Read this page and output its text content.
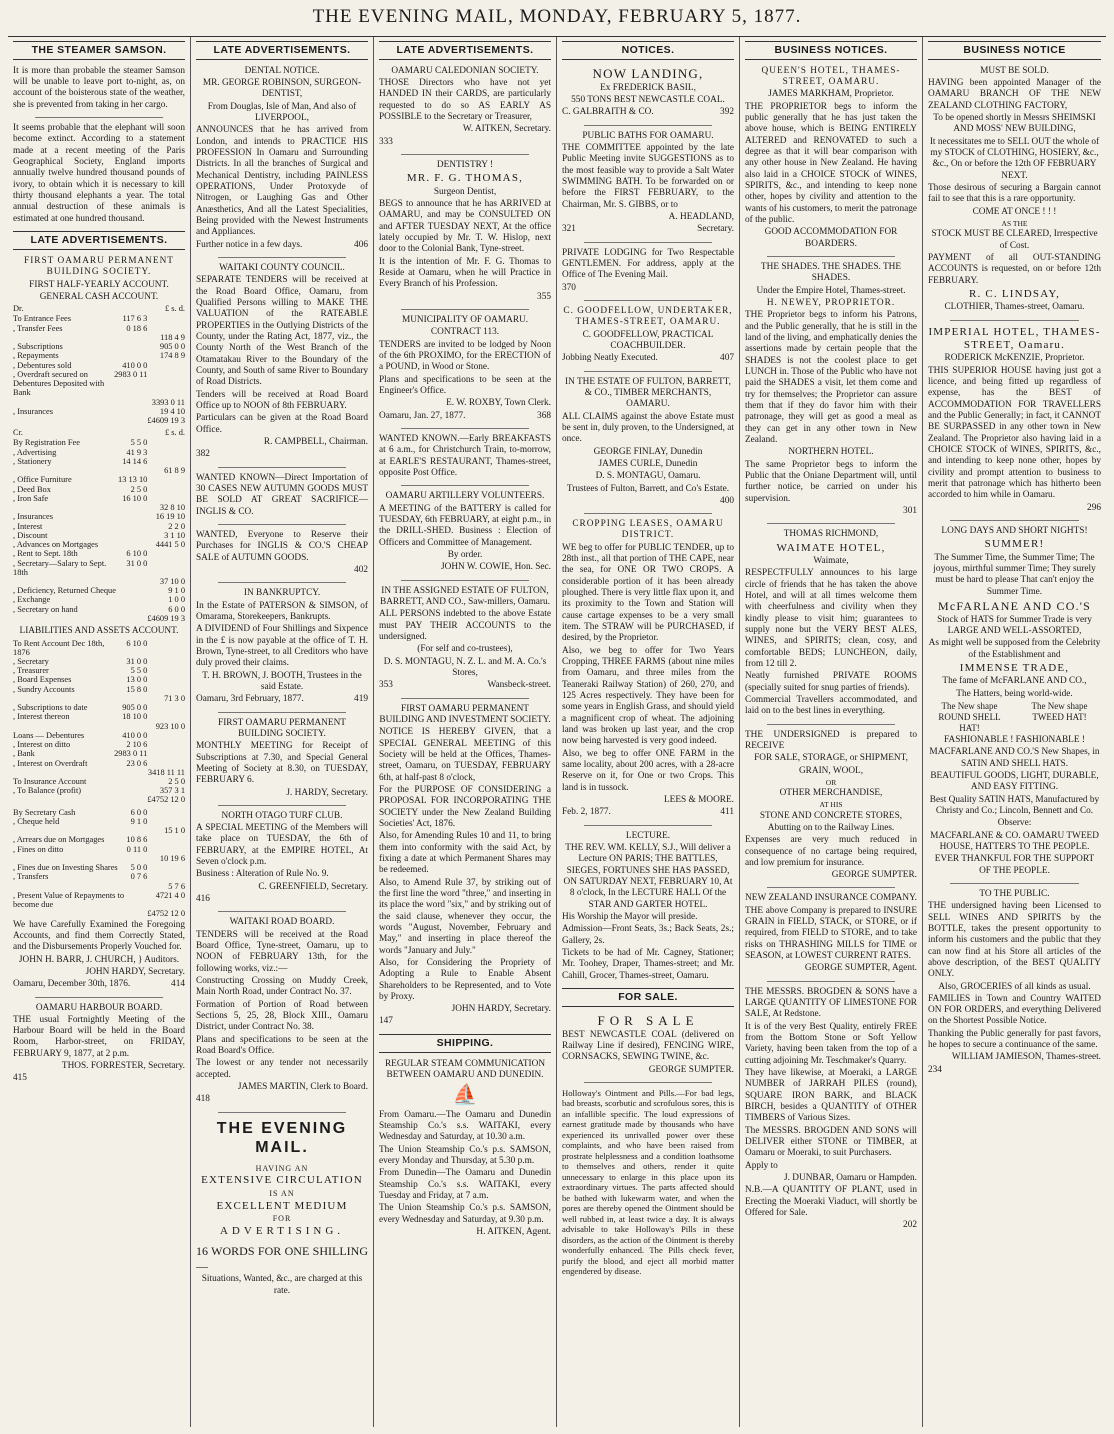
THE EVENING MAIL, MONDAY, FEBRUARY 5, 1877.
THE STEAMER SAMSON.

It is more than probable the steamer Samson will be unable to leave port to-night, as, on account of the boisterous state of the weather, she is prevented from taking in her cargo.

It seems probable that the elephant will soon become extinct. According to a statement made at a recent meeting of the Paris Geographical Society, England imports annually twelve hundred thousand pounds of ivory, to obtain which it is necessary to kill thirty thousand elephants a year. The total annual destruction of these animals is estimated at one hundred thousand.

LATE ADVERTISEMENTS.

FIRST OAMARU PERMANENT BUILDING SOCIETY.

FIRST HALF-YEARLY ACCOUNT.

GENERAL CASH ACCOUNT.

Dr.	£ s. d.
To Entrance Fees	117 6 3	
, Transfer Fees	0 18 6	
		118 4 9
, Subscriptions		905 0 0
, Repayments		174 8 9
, Debentures sold	410 0 0	
, Overdraft secured on Debentures Deposited with Bank	2983 0 11	
		3393 0 11
, Insurances		19 4 10
		£4609 19 3
Cr.	£ s. d.
By Registration Fee	5 5 0	
, Advertising	41 9 3	
, Stationery	14 14 6	
		61 8 9
, Office Furniture	13 13 10	
, Deed Box	2 5 0	
, Iron Safe	16 10 0	
		32 8 10
, Insurances		16 19 10
, Interest		2 2 0
, Discount		3 1 10
, Advances on Mortgages		4441 5 0
, Rent to Sept. 18th	6 10 0	
, Secretary—Salary to Sept. 18th	31 0 0	
		37 10 0
, Deficiency, Returned Cheque		9 1 0
, Exchange		1 0 0
, Secretary on hand		6 0 0
		£4609 19 3

LIABILITIES AND ASSETS ACCOUNT.

To Rent Account Dec 18th, 1876	6 10 0	
, Secretary	31 0 0	
, Treasurer	5 5 0	
, Board Expenses	13 0 0	
, Sundry Accounts	15 8 0	
		71 3 0
, Subscriptions to date	905 0 0	
, Interest thereon	18 10 0	
		923 10 0
Loans — Debentures	410 0 0	
, Interest on ditto	2 10 6	
, Bank	2983 0 11	
, Interest on Overdraft	23 0 6	
		3418 11 11
To Insurance Account		2 5 0
, To Balance (profit)		357 3 1
		£4752 12 0
By Secretary Cash	6 0 0	
, Cheque held	9 1 0	
		15 1 0
, Arrears due on Mortgages	10 8 6	
, Fines on ditto	0 11 0	
		10 19 6
, Fines due on Investing Shares	5 0 0	
, Transfers	0 7 6	
		5 7 6
, Present Value of Repayments to become due		4721 4 0
		£4752 12 0

We have Carefully Examined the Foregoing Accounts, and find them Correctly Stated, and the Disbursements Properly Vouched for.

JOHN H. BARR, J. CHURCH, } Auditors.

JOHN HARDY, Secretary.

Oamaru, December 30th, 1876.	414

OAMARU HARBOUR BOARD.

THE usual Fortnightly Meeting of the Harbour Board will be held in the Board Room, Harbor-street, on FRIDAY, FEBRUARY 9, 1877, at 2 p.m.

THOS. FORRESTER, Secretary.

415

LATE ADVERTISEMENTS.

DENTAL NOTICE.

MR. GEORGE ROBINSON, SURGEON-DENTIST,

From Douglas, Isle of Man, And also of LIVERPOOL,

ANNOUNCES that he has arrived from London, and intends to PRACTICE HIS PROFESSION In Oamaru and Surrounding Districts. In all the branches of Surgical and Mechanical Dentistry, including PAINLESS OPERATIONS, Under Protoxyde of Nitrogen, or Laughing Gas and Other Anæsthetics, And all the Latest Specialities, Being provided with the Newest Instruments and Appliances.

Further notice in a few days.	406

WAITAKI COUNTY COUNCIL.

SEPARATE TENDERS will be received at the Road Board Office, Oamaru, from Qualified Persons willing to MAKE THE VALUATION of the RATEABLE PROPERTIES in the Outlying Districts of the County, under the Rating Act, 1877, viz., the County North of the West Branch of the Otamatakau River to the Boundary of the County, and South of same River to Boundary of Road Districts.

Tenders will be received at Road Board Office up to NOON of 8th FEBRUARY.

Particulars can be given at the Road Board Office.

R. CAMPBELL, Chairman.

382

WANTED KNOWN—Direct Importation of 30 CASES NEW AUTUMN GOODS MUST BE SOLD AT GREAT SACRIFICE—INGLIS & CO.

WANTED, Everyone to Reserve their Purchases for INGLIS & CO.'S CHEAP SALE of AUTUMN GOODS.

402

IN BANKRUPTCY.

In the Estate of PATERSON & SIMSON, of Omarama, Storekeepers, Bankrupts.

A DIVIDEND of Four Shillings and Sixpence in the £ is now payable at the office of T. H. Brown, Tyne-street, to all Creditors who have duly proved their claims.

T. H. BROWN, J. BOOTH, Trustees in the said Estate.

Oamaru, 3rd February, 1877.	419

FIRST OAMARU PERMANENT BUILDING SOCIETY.

MONTHLY MEETING for Receipt of Subscriptions at 7.30, and Special General Meeting of Society at 8.30, on TUESDAY, FEBRUARY 6.

J. HARDY, Secretary.

NORTH OTAGO TURF CLUB.

A SPECIAL MEETING of the Members will take place on TUESDAY, the 6th of FEBRUARY, at the EMPIRE HOTEL, At Seven o'clock p.m.

Business : Alteration of Rule No. 9.

C. GREENFIELD, Secretary.

416

WAITAKI ROAD BOARD.

TENDERS will be received at the Road Board Office, Tyne-street, Oamaru, up to NOON of FEBRUARY 13th, for the following works, viz.:—

Constructing Crossing on Muddy Creek, Main North Road, under Contract No. 37.

Formation of Portion of Road between Sections 5, 25, 28, Block XIII., Oamaru District, under Contract No. 38.

Plans and specifications to be seen at the Road Board's Office.

The lowest or any tender not necessarily accepted.

JAMES MARTIN, Clerk to Board.

418

THE EVENING MAIL.

HAVING AN

EXTENSIVE CIRCULATION

IS AN

EXCELLENT MEDIUM

FOR

ADVERTISING.

16 WORDS FOR ONE SHILLING—

Situations, Wanted, &c., are charged at this rate.

LATE ADVERTISEMENTS.

OAMARU CALEDONIAN SOCIETY.

THOSE Directors who have not yet HANDED IN their CARDS, are particularly requested to do so AS EARLY AS POSSIBLE to the Secretary or Treasurer,

W. AITKEN, Secretary.

333

DENTISTRY !

MR. F. G. THOMAS,

Surgeon Dentist,

BEGS to announce that he has ARRIVED at OAMARU, and may be CONSULTED ON and AFTER TUESDAY NEXT, At the office lately occupied by Mr. T. W. Hislop, next door to the Colonial Bank, Tyne-street.

It is the intention of Mr. F. G. Thomas to Reside at Oamaru, when he will Practice in Every Branch of his Profession.

355

MUNICIPALITY OF OAMARU.

CONTRACT 113.

TENDERS are invited to be lodged by Noon of the 6th PROXIMO, for the ERECTION of a POUND, in Wood or Stone.

Plans and specifications to be seen at the Engineer's Office.

E. W. ROXBY, Town Clerk.

Oamaru, Jan. 27, 1877.	368

WANTED KNOWN.—Early BREAKFASTS at 6 a.m., for Christchurch Train, to-morrow, at EARLE'S RESTAURANT, Thames-street, opposite Post Office.

OAMARU ARTILLERY VOLUNTEERS.

A MEETING of the BATTERY is called for TUESDAY, 6th FEBRUARY, at eight p.m., in the DRILL-SHED. Business : Election of Officers and Committee of Management.

By order.

JOHN W. COWIE, Hon. Sec.

IN THE ASSIGNED ESTATE OF FULTON, BARRETT, AND CO., Saw-millers, Oamaru.

ALL PERSONS indebted to the above Estate must PAY THEIR ACCOUNTS to the undersigned.

(For self and co-trustees),

D. S. MONTAGU, N. Z. L. and M. A. Co.'s Stores,

353	Wansbeck-street.

FIRST OAMARU PERMANENT BUILDING AND INVESTMENT SOCIETY.

NOTICE IS HEREBY GIVEN, that a SPECIAL GENERAL MEETING of this Society will be held at the Offices, Thames-street, Oamaru, on TUESDAY, FEBRUARY 6th, at half-past 8 o'clock,

For the PURPOSE OF CONSIDERING a PROPOSAL FOR INCORPORATING THE SOCIETY under the New Zealand Building Societies' Act, 1876.

Also, for Amending Rules 10 and 11, to bring them into conformity with the said Act, by fixing a date at which Permanent Shares may be redeemed.

Also, to Amend Rule 37, by striking out of the first line the word "three," and inserting in its place the word "six," and by striking out of the said clause, whenever they occur, the words "August, November, February and May," and inserting in place thereof the words "January and July."

Also, for Considering the Propriety of Adopting a Rule to Enable Absent Shareholders to be Represented, and to Vote by Proxy.

JOHN HARDY, Secretary.

147

SHIPPING.

REGULAR STEAM COMMUNICATION BETWEEN OAMARU AND DUNEDIN.

⛵

From Oamaru.—The Oamaru and Dunedin Steamship Co.'s s.s. WAITAKI, every Wednesday and Saturday, at 10.30 a.m.

The Union Steamship Co.'s p.s. SAMSON, every Monday and Thursday, at 5.30 p.m.

From Dunedin—The Oamaru and Dunedin Steamship Co.'s s.s. WAITAKI, every Tuesday and Friday, at 7 a.m.

The Union Steamship Co.'s p.s. SAMSON, every Wednesday and Saturday, at 9.30 p.m.

H. AITKEN, Agent.

NOTICES.

NOW LANDING,

Ex FREDERICK BASIL,

550 TONS BEST NEWCASTLE COAL.

C. GALBRAITH & CO.	392

PUBLIC BATHS FOR OAMARU.

THE COMMITTEE appointed by the late Public Meeting invite SUGGESTIONS as to the most feasible way to provide a Salt Water SWIMMING BATH. To be forwarded on or before the FIRST FEBRUARY, to the Chairman, Mr. S. GIBBS, or to

A. HEADLAND,

321	Secretary.

PRIVATE LODGING for Two Respectable GENTLEMEN. For address, apply at the Office of The Evening Mail.

370

C. GOODFELLOW, UNDERTAKER, THAMES-STREET, OAMARU.

C. GOODFELLOW, PRACTICAL COACHBUILDER.

Jobbing Neatly Executed.	407

IN THE ESTATE OF FULTON, BARRETT, & CO., TIMBER MERCHANTS, OAMARU.

ALL CLAIMS against the above Estate must be sent in, duly proven, to the Undersigned, at once.

GEORGE FINLAY, Dunedin

JAMES CURLE, Dunedin

D. S. MONTAGU, Oamaru.

Trustees of Fulton, Barrett, and Co's Estate.

400

CROPPING LEASES, OAMARU DISTRICT.

WE beg to offer for PUBLIC TENDER, up to 28th inst., all that portion of THE CAPE, near the sea, for ONE OR TWO CROPS. A considerable portion of it has been already ploughed. There is very little flax upon it, and its proximity to the Town and Station will cause cartage expenses to be a very small item. The STRAW will be PURCHASED, if desired, by the Proprietor.

Also, we beg to offer for Two Years Cropping, THREE FARMS (about nine miles from Oamaru, and three miles from the Teaneraki Railway Station) of 260, 270, and 125 Acres respectively. They have been for some years in English Grass, and should yield a magnificent crop of wheat. The adjoining land was broken up last year, and the crop now being harvested is very good indeed.

Also, we beg to offer ONE FARM in the same locality, about 200 acres, with a 28-acre Reserve on it, for One or two Crops. This land is in tussock.

LEES & MOORE.

Feb. 2, 1877.	411

LECTURE.

THE REV. WM. KELLY, S.J., Will deliver a Lecture ON PARIS; THE BATTLES, SIEGES, FORTUNES SHE HAS PASSED, ON SATURDAY NEXT, FEBRUARY 10, At 8 o'clock, In the LECTURE HALL Of the STAR AND GARTER HOTEL.

His Worship the Mayor will preside.

Admission—Front Seats, 3s.; Back Seats, 2s.; Gallery, 2s.

Tickets to be had of Mr. Cagney, Stationer; Mr. Toohey, Draper, Thames-street; and Mr. Cahill, Grocer, Thames-street, Oamaru.

FOR SALE.

FOR SALE

BEST NEWCASTLE COAL (delivered on Railway Line if desired), FENCING WIRE, CORNSACKS, SEWING TWINE, &c.

GEORGE SUMPTER.

Holloway's Ointment and Pills.—For bad legs, bad breasts, scorbutic and scrofulous sores, this is an infallible specific. The loud expressions of earnest gratitude made by thousands who have experienced its unrivalled power over these complaints, and who have been raised from prostrate helplessness and a condition loathsome to themselves and others, render it quite unnecessary to enlarge in this place upon its extraordinary virtues. The parts affected should be bathed with lukewarm water, and when the pores are thereby opened the Ointment should be well rubbed in, at least twice a day. It is always advisable to take Holloway's Pills in these disorders, as the action of the Ointment is thereby wonderfully enhanced. The Pills check fever, purify the blood, and eject all morbid matter engendered by disease.

BUSINESS NOTICES.

QUEEN'S HOTEL, THAMES-STREET, OAMARU.

JAMES MARKHAM, Proprietor.

THE PROPRIETOR begs to inform the public generally that he has just taken the above house, which is BEING ENTIRELY ALTERED and RENOVATED to such a degree as that it will bear comparison with any other house in New Zealand. He having also laid in a CHOICE STOCK of WINES, SPIRITS, &c., and intending to keep none other, hopes by civility and attention to the wants of his customers, to merit the patronage of the public.

GOOD ACCOMMODATION FOR BOARDERS.

THE SHADES. THE SHADES. THE SHADES.

Under the Empire Hotel, Thames-street.

H. NEWEY, PROPRIETOR.

THE Proprietor begs to inform his Patrons, and the Public generally, that he is still in the land of the living, and emphatically denies the assertions made by certain people that the SHADES is not the coolest place to get LUNCH in. Those of the Public who have not paid the SHADES a visit, let them come and try for themselves; the Proprietor can assure them that if they do favor him with their patronage, they will get as good a meal as they can get in any other town in New Zealand.

NORTHERN HOTEL.

The same Proprietor begs to inform the Public that the Oniane Department will, until further notice, be carried on under his supervision.

301

THOMAS RICHMOND,

WAIMATE HOTEL,

Waimate,

RESPECTFULLY announces to his large circle of friends that he has taken the above Hotel, and will at all times welcome them with cheerfulness and civility when they kindly please to visit him; guarantees to supply none but the VERY BEST ALES, WINES, and SPIRITS; clean, cosy, and comfortable BEDS; LUNCHEON, daily, from 12 till 2.

Neatly furnished PRIVATE ROOMS (specially suited for snug parties of friends).

Commercial Travellers accommodated, and laid on to the best lines in everything.

THE UNDERSIGNED is prepared to RECEIVE

FOR SALE, STORAGE, or SHIPMENT,

GRAIN, WOOL,

OR

OTHER MERCHANDISE,

AT HIS

STONE AND CONCRETE STORES,

Abutting on to the Railway Lines.

Expenses are very much reduced in consequence of no cartage being required, and low premium for insurance.

GEORGE SUMPTER.

NEW ZEALAND INSURANCE COMPANY.

THE above Company is prepared to INSURE GRAIN in FIELD, STACK, or STORE, or if required, from FIELD to STORE, and to take risks on THRASHING MILLS for TIME or SEASON, at LOWEST CURRENT RATES.

GEORGE SUMPTER, Agent.

THE MESSRS. BROGDEN & SONS have a LARGE QUANTITY OF LIMESTONE FOR SALE, At Redstone.

It is of the very Best Quality, entirely FREE from the Bottom Stone or Soft Yellow Variety, having been taken from the top of a cutting adjoining Mr. Teschmaker's Quarry.

They have likewise, at Moeraki, a LARGE NUMBER of JARRAH PILES (round), SQUARE IRON BARK, and BLACK BIRCH, besides a QUANTITY of OTHER TIMBERS of Various Sizes.

The MESSRS. BROGDEN AND SONS will DELIVER either STONE or TIMBER, at Oamaru or Moeraki, to suit Purchasers.

Apply to

J. DUNBAR, Oamaru or Hampden.

N.B.—A QUANTITY OF PLANT, used in Erecting the Moeraki Viaduct, will shortly be Offered for Sale.

202

BUSINESS NOTICE

MUST BE SOLD.

HAVING been appointed Manager of the OAMARU BRANCH OF THE NEW ZEALAND CLOTHING FACTORY,

To be opened shortly in Messrs SHEIMSKI AND MOSS' NEW BUILDING,

It necessitates me to SELL OUT the whole of my STOCK of CLOTHING, HOSIERY, &c., &c., On or before the 12th OF FEBRUARY NEXT.

Those desirous of securing a Bargain cannot fail to see that this is a rare opportunity.

COME AT ONCE ! ! !

AS THE

STOCK MUST BE CLEARED, Irrespective of Cost.

PAYMENT of all OUT-STANDING ACCOUNTS is requested, on or before 12th FEBRUARY.

R. C. LINDSAY,

CLOTHIER, Thames-street, Oamaru.

IMPERIAL HOTEL, THAMES-STREET, Oamaru.

RODERICK McKENZIE, Proprietor.

THIS SUPERIOR HOUSE having just got a licence, and being fitted up regardless of expense, has the BEST of ACCOMMODATION FOR TRAVELLERS and the Public Generally; in fact, it CANNOT BE SURPASSED in any other town in New Zealand. The Proprietor also having laid in a CHOICE STOCK of WINES, SPIRITS, &c., and intending to keep none other, hopes by civility and prompt attention to business to merit that patronage which has hitherto been accorded to him while in Oamaru.

296

LONG DAYS AND SHORT NIGHTS!

SUMMER!

The Summer Time, the Summer Time; The joyous, mirthful summer Time; They surely must be hard to please That can't enjoy the Summer Time.

McFARLANE AND CO.'S

Stock of HATS for Summer Trade is very LARGE AND WELL-ASSORTED,

As might well be supposed from the Celebrity of the Establishment and

IMMENSE TRADE,

The fame of McFARLANE AND CO.,

The Hatters, being world-wide.

The New shape ROUND SHELL HAT!
The New shape TWEED HAT!

FASHIONABLE ! FASHIONABLE !

MACFARLANE AND CO.'S New Shapes, in SATIN AND SHELL HATS.

BEAUTIFUL GOODS, LIGHT, DURABLE, AND EASY FITTING.

Best Quality SATIN HATS, Manufactured by Christy and Co.; Lincoln, Bennett and Co.

Observe:

MACFARLANE & CO. OAMARU TWEED HOUSE, HATTERS TO THE PEOPLE.

EVER THANKFUL FOR THE SUPPORT OF THE PEOPLE.

TO THE PUBLIC.

THE undersigned having been Licensed to SELL WINES AND SPIRITS by the BOTTLE, takes the present opportunity to inform his customers and the public that they can now find at his Store all articles of the above description, of the BEST QUALITY ONLY.

Also, GROCERIES of all kinds as usual.

FAMILIES in Town and Country WAITED ON FOR ORDERS, and everything Delivered on the Shortest Possible Notice.

Thanking the Public generally for past favors, he hopes to secure a continuance of the same.

WILLIAM JAMIESON, Thames-street.

234
